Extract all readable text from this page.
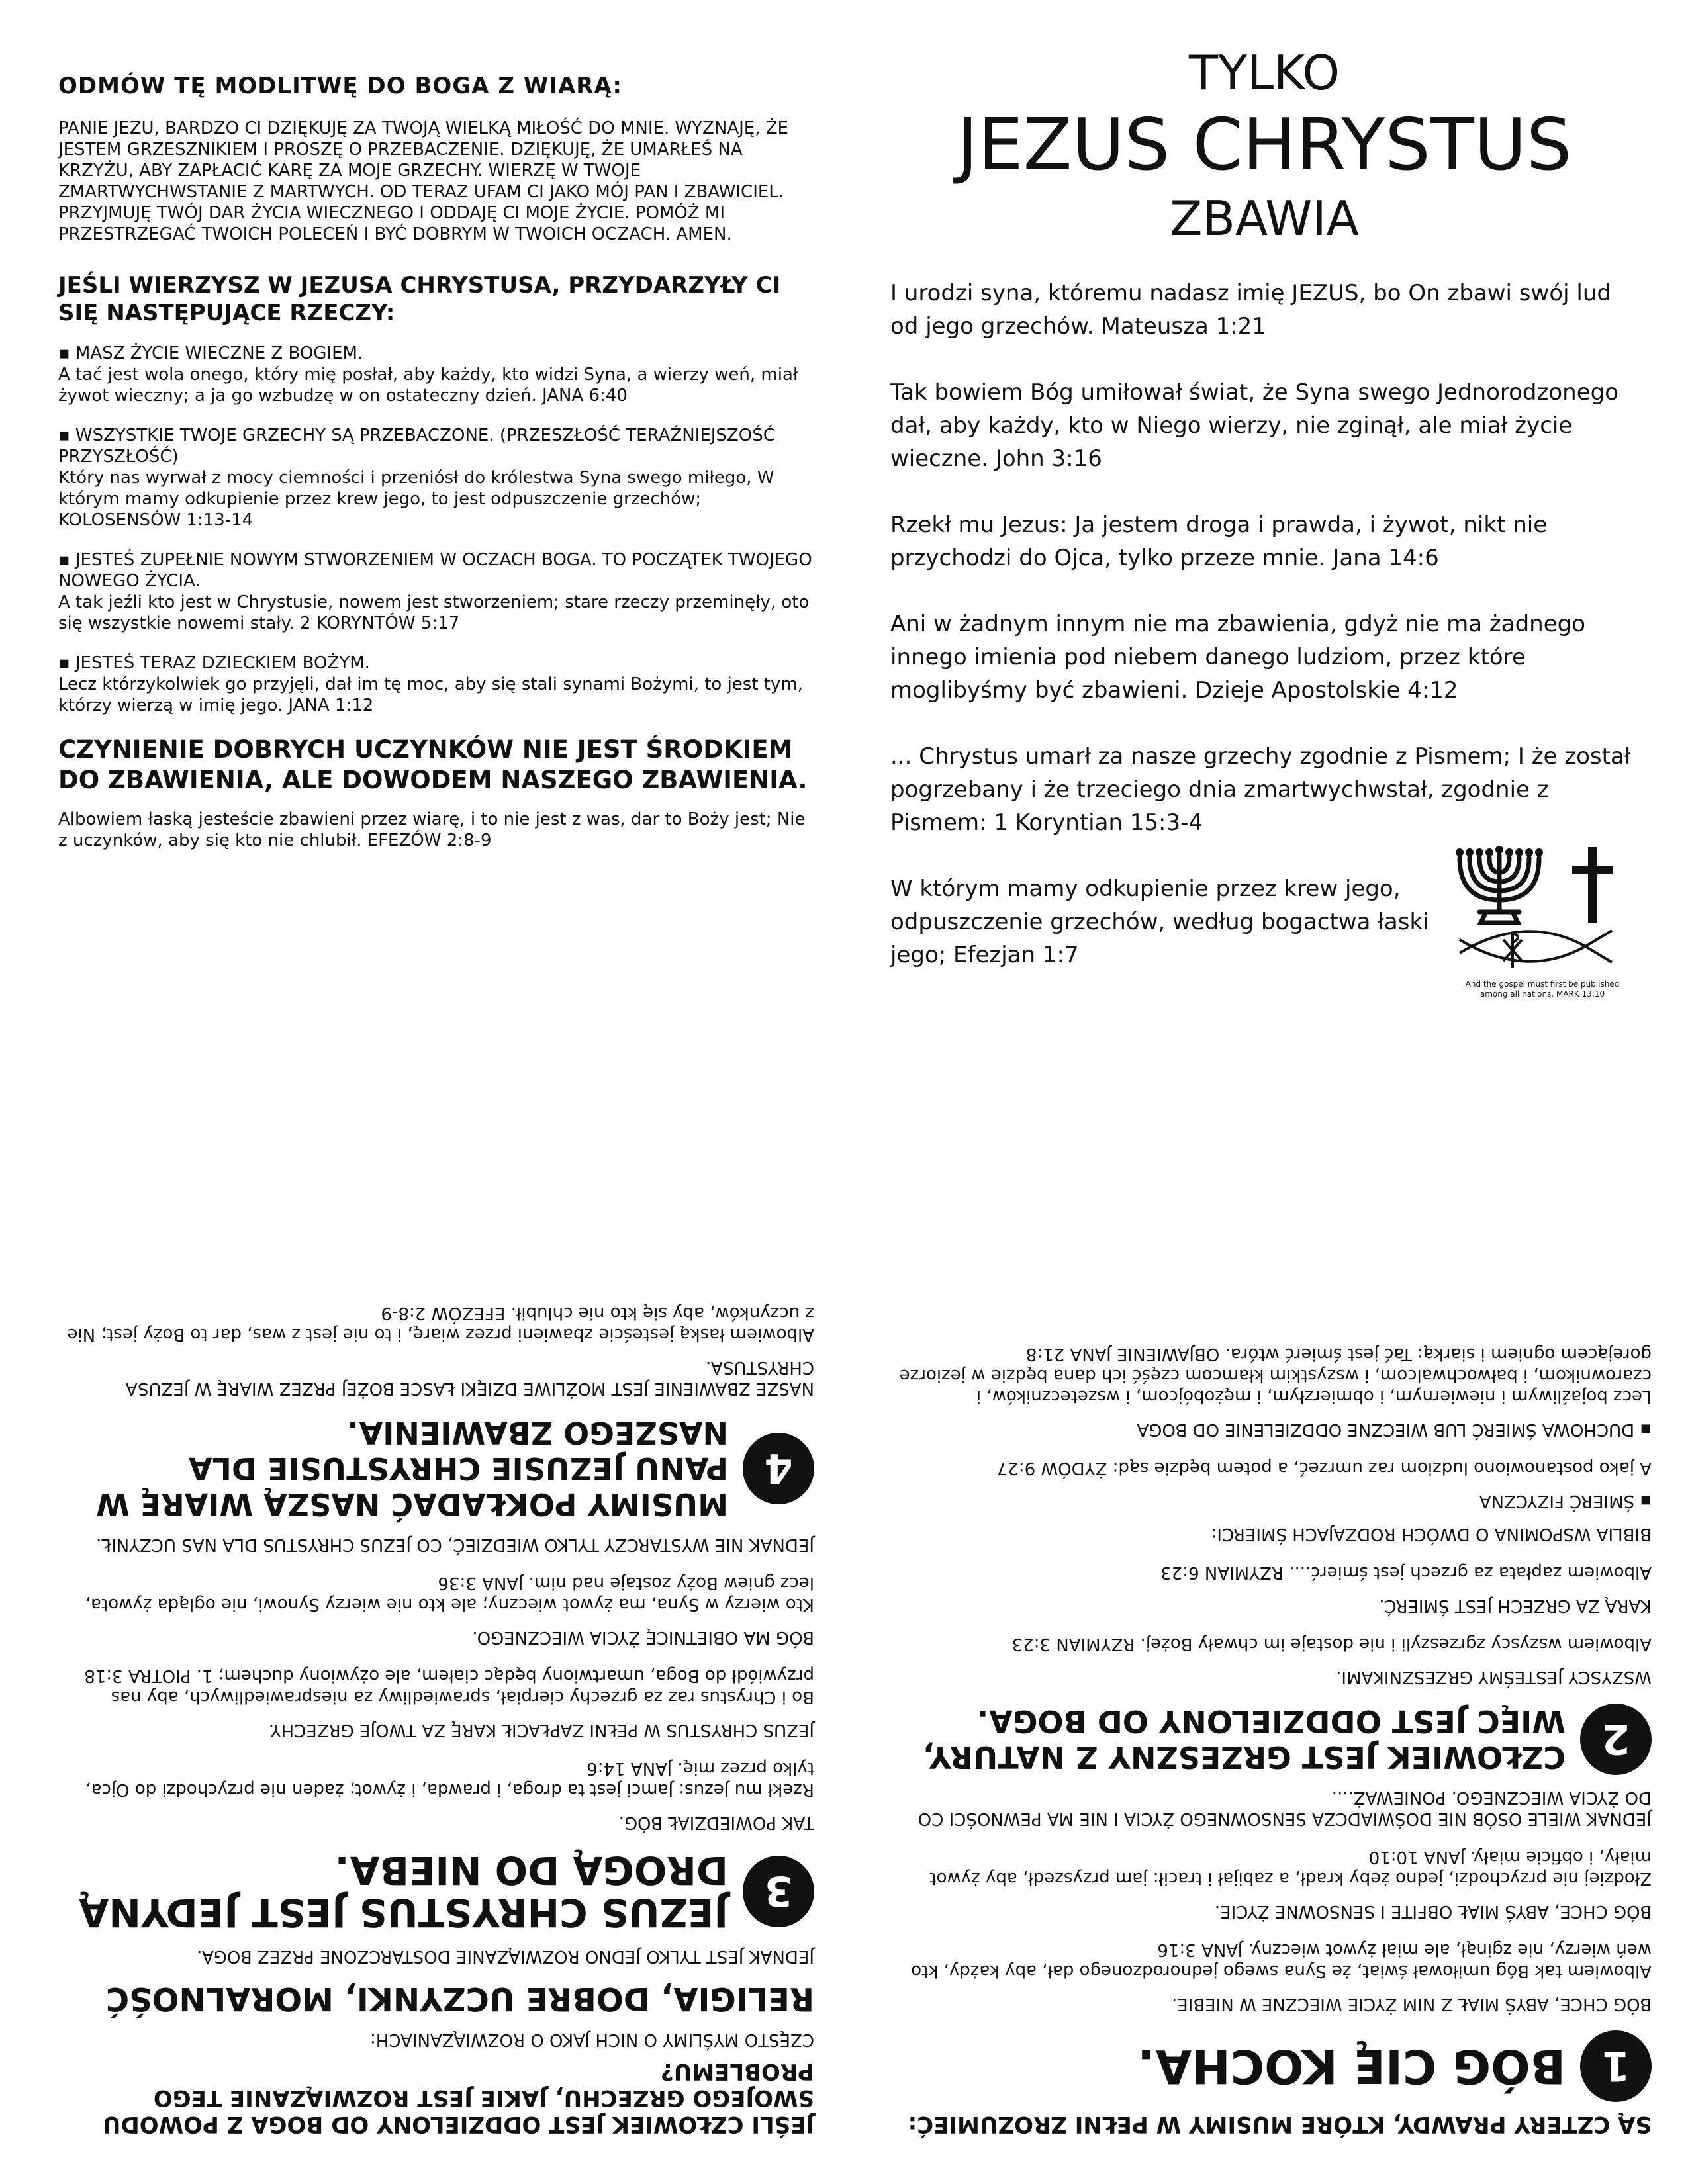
ODMÓW TĘ MODLITWĘ DO BOGA Z WIARĄ:
PANIE JEZU, BARDZO CI DZIĘKUJĘ ZA TWOJĄ WIELKĄ MIŁOŚĆ DO MNIE. WYZNAJĘ, ŻE JESTEM GRZESZNIKIEM I PROSZĘ O PRZEBACZENIE. DZIĘKUJĘ, ŻE UMARŁEŚ NA KRZYŻU, ABY ZAPŁACIĆ KARĘ ZA MOJE GRZECHY. WIERZĘ W TWOJE ZMARTWYCHWSTANIE Z MARTWYCH. OD TERAZ UFAM CI JAKO MÓJ PAN I ZBAWICIEL. PRZYJMUJĘ TWÓJ DAR ŻYCIA WIECZNEGO I ODDAJĘ CI MOJE ŻYCIE. POMÓŻ MI PRZESTRZEGAĆ TWOICH POLECEŃ I BYĆ DOBRYM W TWOICH OCZACH. AMEN.
JEŚLI WIERZYSZ W JEZUSA CHRYSTUSA, PRZYDARZYŁY CI SIĘ NASTĘPUJĄCE RZECZY:
▪ MASZ ŻYCIE WIECZNE Z BOGIEM.
A tać jest wola onego, który mię posłał, aby każdy, kto widzi Syna, a wierzy weń, miał żywot wieczny; a ja go wzbudzę w on ostateczny dzień. JANA 6:40
▪ WSZYSTKIE TWOJE GRZECHY SĄ PRZEBACZONE. (PRZESZŁOŚĆ TERAŹNIEJSZOŚĆ PRZYSZŁOŚĆ)
Który nas wyrwał z mocy ciemności i przeniósł do królestwa Syna swego miłego, W którym mamy odkupienie przez krew jego, to jest odpuszczenie grzechów; KOLOSENSÓW 1:13-14
▪ JESTEŚ ZUPEŁNIE NOWYM STWORZENIEM W OCZACH BOGA. TO POCZĄTEK TWOJEGO NOWEGO ŻYCIA.
A tak jeźli kto jest w Chrystusie, nowem jest stworzeniem; stare rzeczy przeminęły, oto się wszystkie nowemi stały. 2 KORYNTÓW 5:17
▪ JESTEŚ TERAZ DZIECKIEM BOŻYM.
Lecz którzykolwiek go przyjęli, dał im tę moc, aby się stali synami Bożymi, to jest tym, którzy wierzą w imię jego. JANA 1:12
CZYNIENIE DOBRYCH UCZYNKÓW NIE JEST ŚRODKIEM DO ZBAWIENIA, ALE DOWODEM NASZEGO ZBAWIENIA.
Albowiem łaską jesteście zbawieni przez wiarę, i to nie jest z was, dar to Boży jest; Nie z uczynków, aby się kto nie chlubił. EFEZÓW 2:8-9
TYLKO
JEZUS CHRYSTUS
ZBAWIA
I urodzi syna, któremu nadasz imię JEZUS, bo On zbawi swój lud od jego grzechów. Mateusza 1:21
Tak bowiem Bóg umiłował świat, że Syna swego Jednorodzonego dał, aby każdy, kto w Niego wierzy, nie zginął, ale miał życie wieczne. John 3:16
Rzekł mu Jezus: Ja jestem droga i prawda, i żywot, nikt nie przychodzi do Ojca, tylko przeze mnie. Jana 14:6
Ani w żadnym innym nie ma zbawienia, gdyż nie ma żadnego innego imienia pod niebem danego ludziom, przez które moglibyśmy być zbawieni. Dzieje Apostolskie 4:12
... Chrystus umarł za nasze grzechy zgodnie z Pismem; I że został pogrzebany i że trzeciego dnia zmartwychwstał, zgodnie z Pismem: 1 Koryntian 15:3-4
W którym mamy odkupienie przez krew jego, odpuszczenie grzechów, według bogactwa łaski jego; Efezjan 1:7
And the gospel must first be published among all nations. MARK 13:10
JEŚLI CZŁOWIEK JEST ODDZIELONY OD BOGA Z POWODU SWOJEGO GRZECHU, JAKIE JEST ROZWIĄZANIE TEGO PROBLEMU?
CZĘSTO MYŚLIMY O NICH JAKO O ROZWIĄZANIACH:
RELIGIA, DOBRE UCZYNKI, MORALNOŚĆ
JEDNAK JEST TYLKO JEDNO ROZWIĄZANIE DOSTARCZONE PRZEZ BOGA.
3
JEZUS CHRYSTUS JEST JEDYNĄ DROGĄ DO NIEBA.
TAK POWIEDZIAŁ BÓG.
Rzekł mu Jezus: Jamci jest ta droga, i prawda, i żywot; żaden nie przychodzi do Ojca, tylko przez mię. JANA 14:6
JEZUS CHRYSTUS W PEŁNI ZAPŁACIŁ KARĘ ZA TWOJE GRZECHY.
Bo i Chrystus raz za grzechy cierpiał, sprawiedliwy za niesprawiedliwych, aby nas przywiódł do Boga, umartwiony będąc ciałem, ale ożywiony duchem; 1. PIOTRA 3:18
BÓG MA OBIETNICĘ ŻYCIA WIECZNEGO.
Kto wierzy w Syna, ma żywot wieczny; ale kto nie wierzy Synowi, nie ogląda żywota, lecz gniew Boży zostaje nad nim. JANA 3:36
JEDNAK NIE WYSTARCZY TYLKO WIEDZIEĆ, CO JEZUS CHRYSTUS DLA NAS UCZYNIŁ.
4
MUSIMY POKŁADAĆ NASZĄ WIARĘ W PANU JEZUSIE CHRYSTUSIE DLA NASZEGO ZBAWIENIA.
NASZE ZBAWIENIE JEST MOŻLIWE DZIĘKI ŁASCE BOŻEJ PRZEZ WIARĘ W JEZUSA CHRYSTUSA.
Albowiem łaską jesteście zbawieni przez wiarę, i to nie jest z was, dar to Boży jest; Nie z uczynków, aby się kto nie chlubił. EFEZÓW 2:8-9
SĄ CZTERY PRAWDY, KTÓRE MUSIMY W PEŁNI ZROZUMIEĆ:
1
BÓG CIĘ KOCHA.
BÓG CHCE, ABYŚ MIAŁ Z NIM ŻYCIE WIECZNE W NIEBIE.
Albowiem tak Bóg umiłował świat, że Syna swego jednorodzonego dał, aby każdy, kto weń wierzy, nie zginął, ale miał żywot wieczny. JANA 3:16
BÓG CHCE, ABYŚ MIAŁ OBFITE I SENSOWNE ŻYCIE.
Złodziej nie przychodzi, jedno żeby kradł, a zabijał i tracił: jam przyszedł, aby żywot miały, i obficie miały. JANA 10:10
JEDNAK WIELE OSÓB NIE DOŚWIADCZA SENSOWNEGO ŻYCIA I NIE MA PEWNOŚCI CO DO ŻYCIA WIECZNEGO. PONIEWAŻ....
2
CZŁOWIEK JEST GRZESZNY Z NATURY, WIĘC JEST ODDZIELONY OD BOGA.
WSZYSCY JESTEŚMY GRZESZNIKAMI.
Albowiem wszyscy zgrzeszyli i nie dostaje im chwały Bożej. RZYMIAN 3:23
KARĄ ZA GRZECH JEST ŚMIERĆ.
Albowiem zapłata za grzech jest śmierć.... RZYMIAN 6:23
BIBLIA WSPOMINA O DWÓCH RODZAJACH ŚMIERCI:
▪ ŚMIERĆ FIZYCZNA
A jako postanowiono ludziom raz umrzeć, a potem będzie sąd: ŻYDÓW 9:27
▪ DUCHOWA ŚMIERĆ LUB WIECZNE ODDZIELENIE OD BOGA
Lecz bojaźliwym i niewiernym, i obmierzłym, i mężobójcom, i wszeteczników, i czarownikom, i bałwochwalcom, i wszystkim kłamcom część ich dana będzie w jeziorze gorejącem ogniem i siarką: Tać jest śmierć wtóra. OBJAWIENIE JANA 21:8
